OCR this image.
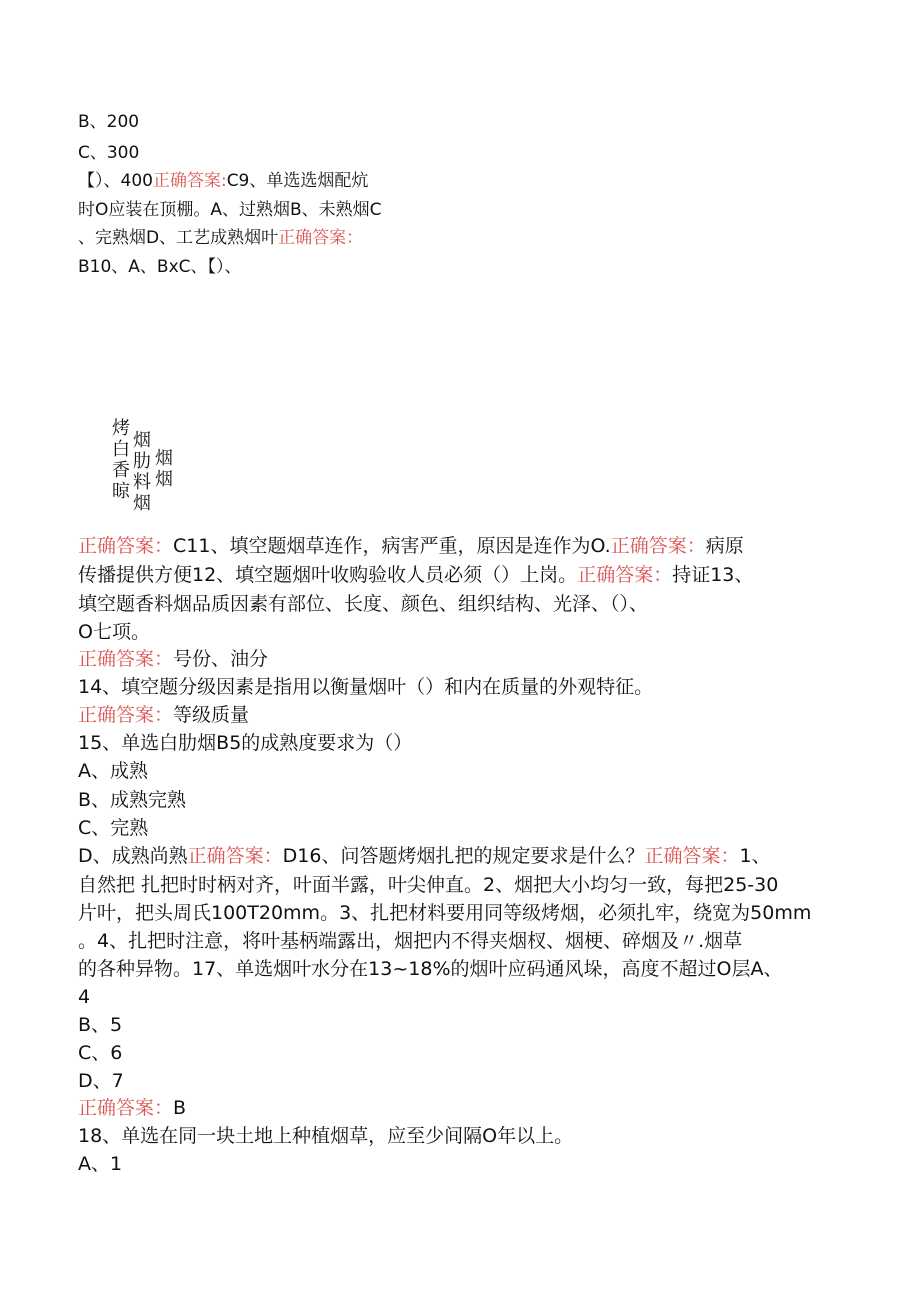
B、200
C、300
【）、400正确答案:C9、单选选烟配炕
时O应装在顶棚。A、过熟烟B、未熟烟C
、完熟烟D、工艺成熟烟叶正确答案：
B10、A、BxC、【）、
烤
白
香
晾
烟
肋
料
烟
烟
烟
正确答案：C11、填空题烟草连作，病害严重，原因是连作为O.正确答案：病原
传播提供方便12、填空题烟叶收购验收人员必须（）上岗。正确答案：持证13、
填空题香料烟品质因素有部位、长度、颜色、组织结构、光泽、（）、
O七项。
正确答案：号份、油分
14、填空题分级因素是指用以衡量烟叶（）和内在质量的外观特征。
正确答案：等级质量
15、单选白肋烟B5的成熟度要求为（）
A、成熟
B、成熟完熟
C、完熟
D、成熟尚熟正确答案：D16、问答题烤烟扎把的规定要求是什么？正确答案：1、
自然把 扎把时时柄对齐，叶面半露，叶尖伸直。2、烟把大小均匀一致，每把25-30
片叶，把头周氏100T20mm。3、扎把材料要用同等级烤烟，必须扎牢，绕宽为50mm
。4、扎把时注意，将叶基柄端露出，烟把内不得夹烟杈、烟梗、碎烟及〃.烟草
的各种异物。17、单选烟叶水分在13~18%的烟叶应码通风垛，高度不超过O层A、
4
B、5
C、6
D、7
正确答案：B
18、单选在同一块土地上种植烟草，应至少间隔O年以上。
A、1
